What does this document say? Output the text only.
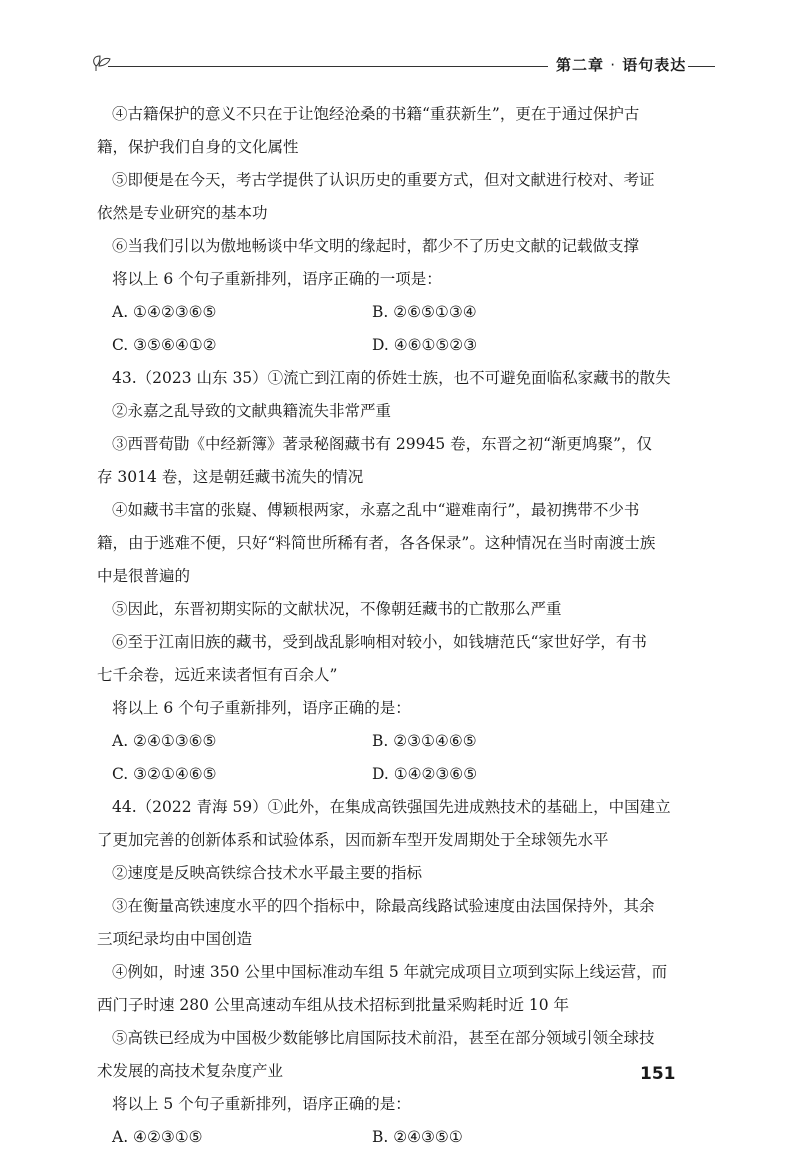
第二章 · 语句表达
④古籍保护的意义不只在于让饱经沧桑的书籍“重获新生”，更在于通过保护古
籍，保护我们自身的文化属性
⑤即便是在今天，考古学提供了认识历史的重要方式，但对文献进行校对、考证
依然是专业研究的基本功
⑥当我们引以为傲地畅谈中华文明的缘起时，都少不了历史文献的记载做支撑
将以上 6 个句子重新排列，语序正确的一项是：
A. ①④②③⑥⑤	B. ②⑥⑤①③④
C. ③⑤⑥④①②	D. ④⑥①⑤②③
43.（2023 山东 35）①流亡到江南的侨姓士族，也不可避免面临私家藏书的散失
②永嘉之乱导致的文献典籍流失非常严重
③西晋荀勖《中经新簿》著录秘阁藏书有 29945 卷，东晋之初“渐更鸠聚”，仅
存 3014 卷，这是朝廷藏书流失的情况
④如藏书丰富的张嶷、傅颖根两家，永嘉之乱中“避难南行”，最初携带不少书
籍，由于逃难不便，只好“料简世所稀有者，各各保录”。这种情况在当时南渡士族
中是很普遍的
⑤因此，东晋初期实际的文献状况，不像朝廷藏书的亡散那么严重
⑥至于江南旧族的藏书，受到战乱影响相对较小，如钱塘范氏“家世好学，有书
七千余卷，远近来读者恒有百余人”
将以上 6 个句子重新排列，语序正确的是：
A. ②④①③⑥⑤	B. ②③①④⑥⑤
C. ③②①④⑥⑤	D. ①④②③⑥⑤
44.（2022 青海 59）①此外，在集成高铁强国先进成熟技术的基础上，中国建立
了更加完善的创新体系和试验体系，因而新车型开发周期处于全球领先水平
②速度是反映高铁综合技术水平最主要的指标
③在衡量高铁速度水平的四个指标中，除最高线路试验速度由法国保持外，其余
三项纪录均由中国创造
④例如，时速 350 公里中国标准动车组 5 年就完成项目立项到实际上线运营，而
西门子时速 280 公里高速动车组从技术招标到批量采购耗时近 10 年
⑤高铁已经成为中国极少数能够比肩国际技术前沿，甚至在部分领域引领全球技
术发展的高技术复杂度产业
将以上 5 个句子重新排列，语序正确的是：
A. ④②③①⑤	B. ②④③⑤①
151
